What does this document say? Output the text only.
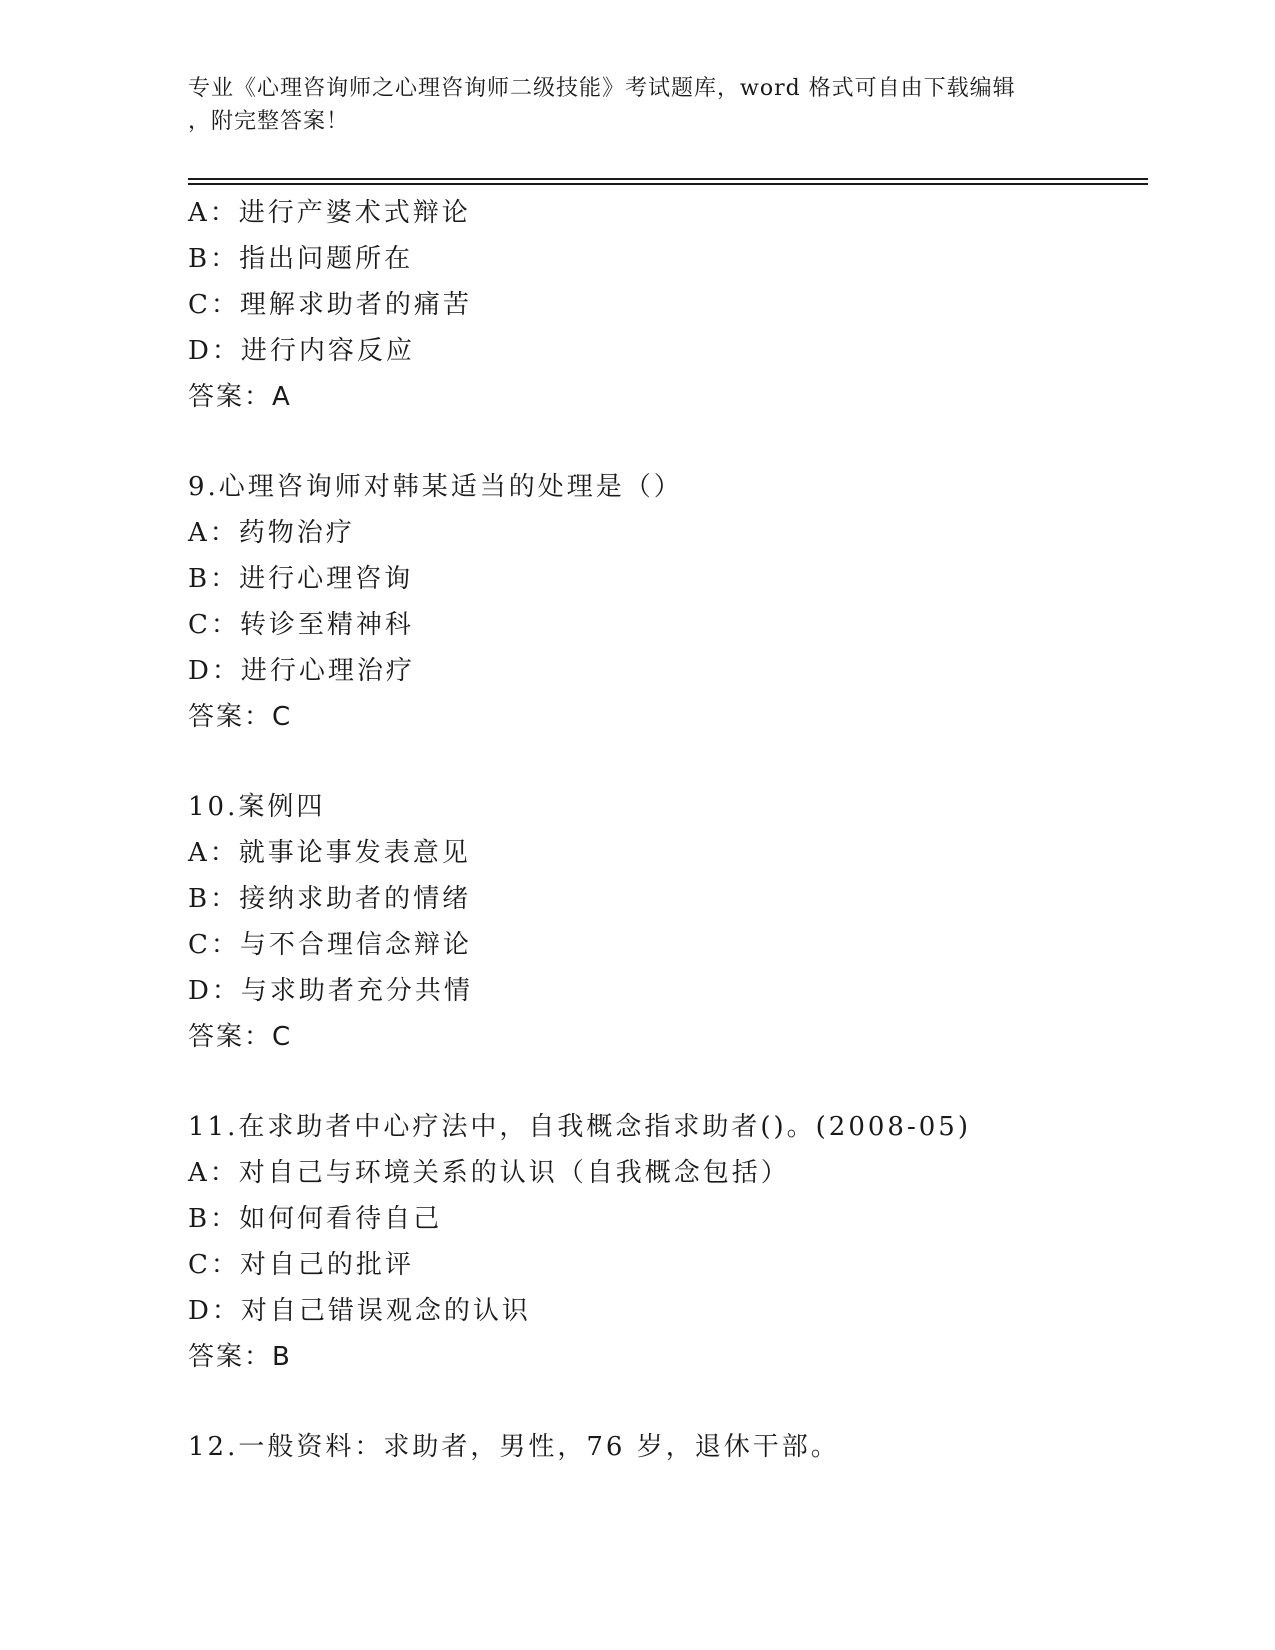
专业《心理咨询师之心理咨询师二级技能》考试题库，word 格式可自由下载编辑
，附完整答案！
A：进行产婆术式辩论
B：指出问题所在
C：理解求助者的痛苦
D：进行内容反应
答案：A
9.心理咨询师对韩某适当的处理是（）
A：药物治疗
B：进行心理咨询
C：转诊至精神科
D：进行心理治疗
答案：C
10.案例四
A：就事论事发表意见
B：接纳求助者的情绪
C：与不合理信念辩论
D：与求助者充分共情
答案：C
11.在求助者中心疗法中，自我概念指求助者()。(2008-05)
A：对自己与环境关系的认识（自我概念包括）
B：如何何看待自己
C：对自己的批评
D：对自己错误观念的认识
答案：B
12.一般资料：求助者，男性，76 岁，退休干部。
